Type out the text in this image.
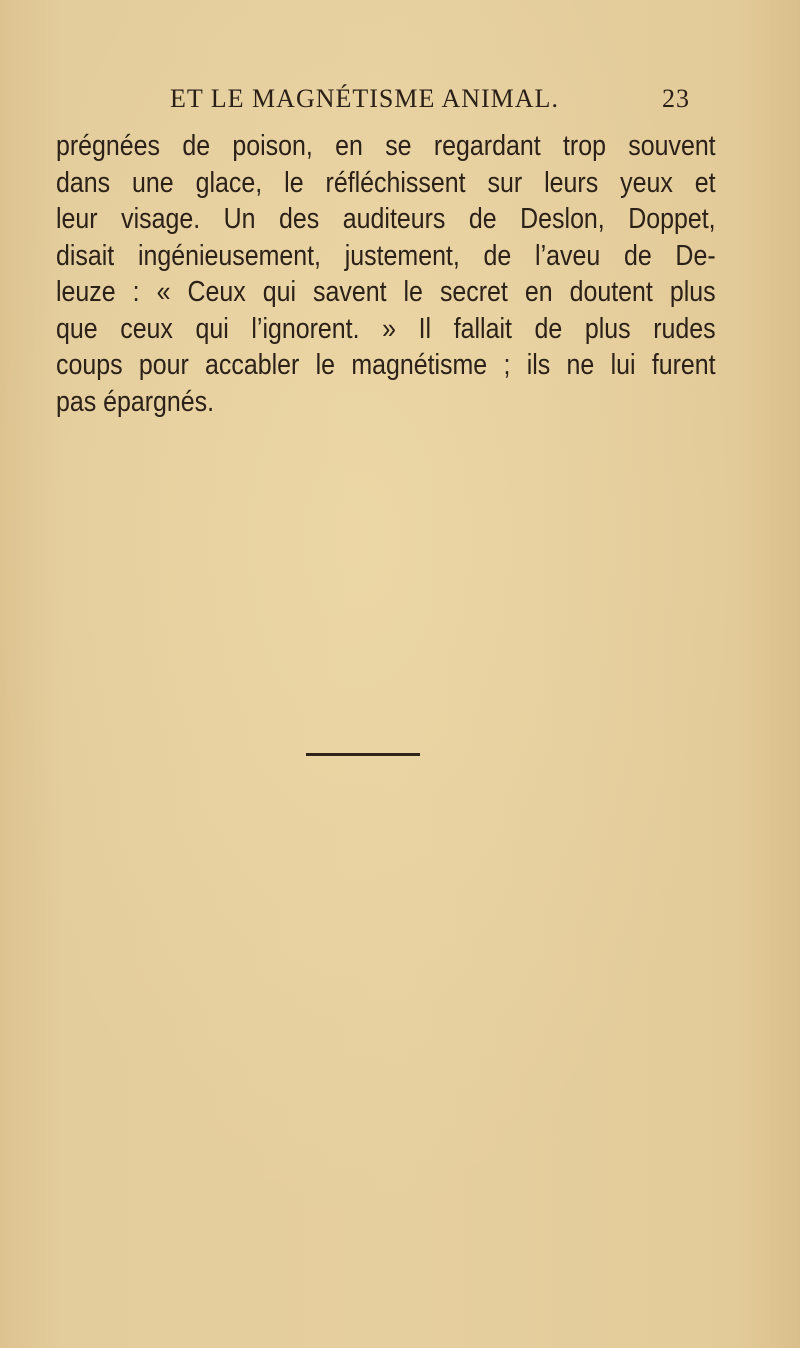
ET LE MAGNÉTISME ANIMAL.	23
prégnées de poison, en se regardant trop souvent
dans une glace, le réfléchissent sur leurs yeux et
leur visage. Un des auditeurs de Deslon, Doppet,
disait ingénieusement, justement, de l’aveu de De-
leuze : « Ceux qui savent le secret en doutent plus
que ceux qui l’ignorent. » Il fallait de plus rudes
coups pour accabler le magnétisme ; ils ne lui furent
pas épargnés.
